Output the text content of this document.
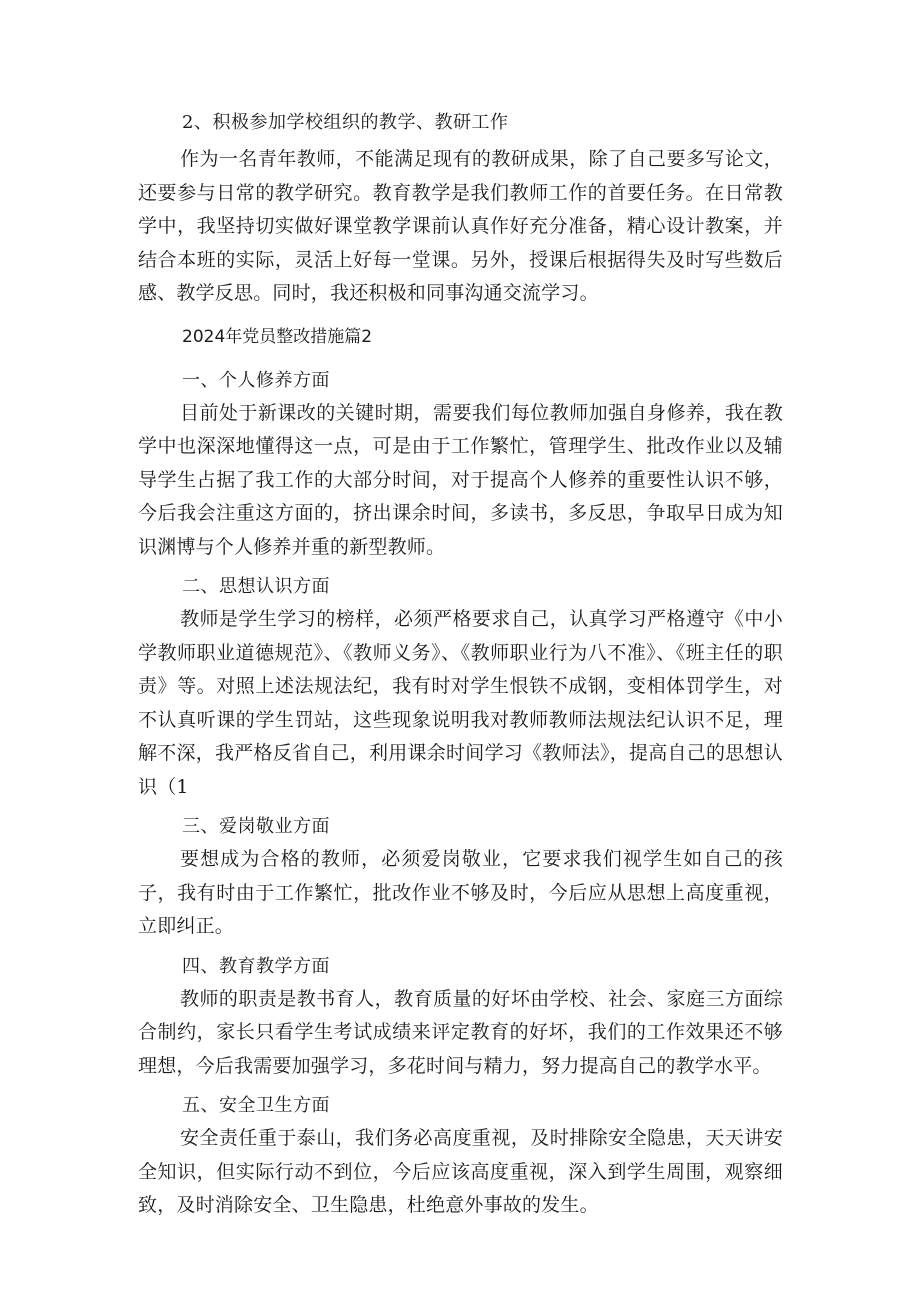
2、积极参加学校组织的教学、教研工作

作为一名青年教师，不能满足现有的教研成果，除了自己要多写论文，还要参与日常的教学研究。教育教学是我们教师工作的首要任务。在日常教学中，我坚持切实做好课堂教学课前认真作好充分准备，精心设计教案，并结合本班的实际，灵活上好每一堂课。另外，授课后根据得失及时写些数后感、教学反思。同时，我还积极和同事沟通交流学习。

2024年党员整改措施篇2

一、个人修养方面

目前处于新课改的关键时期，需要我们每位教师加强自身修养，我在教学中也深深地懂得这一点，可是由于工作繁忙，管理学生、批改作业以及辅导学生占据了我工作的大部分时间，对于提高个人修养的重要性认识不够，今后我会注重这方面的，挤出课余时间，多读书，多反思，争取早日成为知识渊博与个人修养并重的新型教师。

二、思想认识方面

教师是学生学习的榜样，必须严格要求自己，认真学习严格遵守《中小学教师职业道德规范》、《教师义务》、《教师职业行为八不准》、《班主任的职责》等。对照上述法规法纪，我有时对学生恨铁不成钢，变相体罚学生，对不认真听课的学生罚站，这些现象说明我对教师教师法规法纪认识不足，理解不深，我严格反省自己，利用课余时间学习《教师法》，提高自己的思想认识（1

三、爱岗敬业方面

要想成为合格的教师，必须爱岗敬业，它要求我们视学生如自己的孩子，我有时由于工作繁忙，批改作业不够及时，今后应从思想上高度重视，立即纠正。

四、教育教学方面

教师的职责是教书育人，教育质量的好坏由学校、社会、家庭三方面综合制约，家长只看学生考试成绩来评定教育的好坏，我们的工作效果还不够理想，今后我需要加强学习，多花时间与精力，努力提高自己的教学水平。

五、安全卫生方面

安全责任重于泰山，我们务必高度重视，及时排除安全隐患，天天讲安全知识，但实际行动不到位，今后应该高度重视，深入到学生周围，观察细致，及时消除安全、卫生隐患，杜绝意外事故的发生。
